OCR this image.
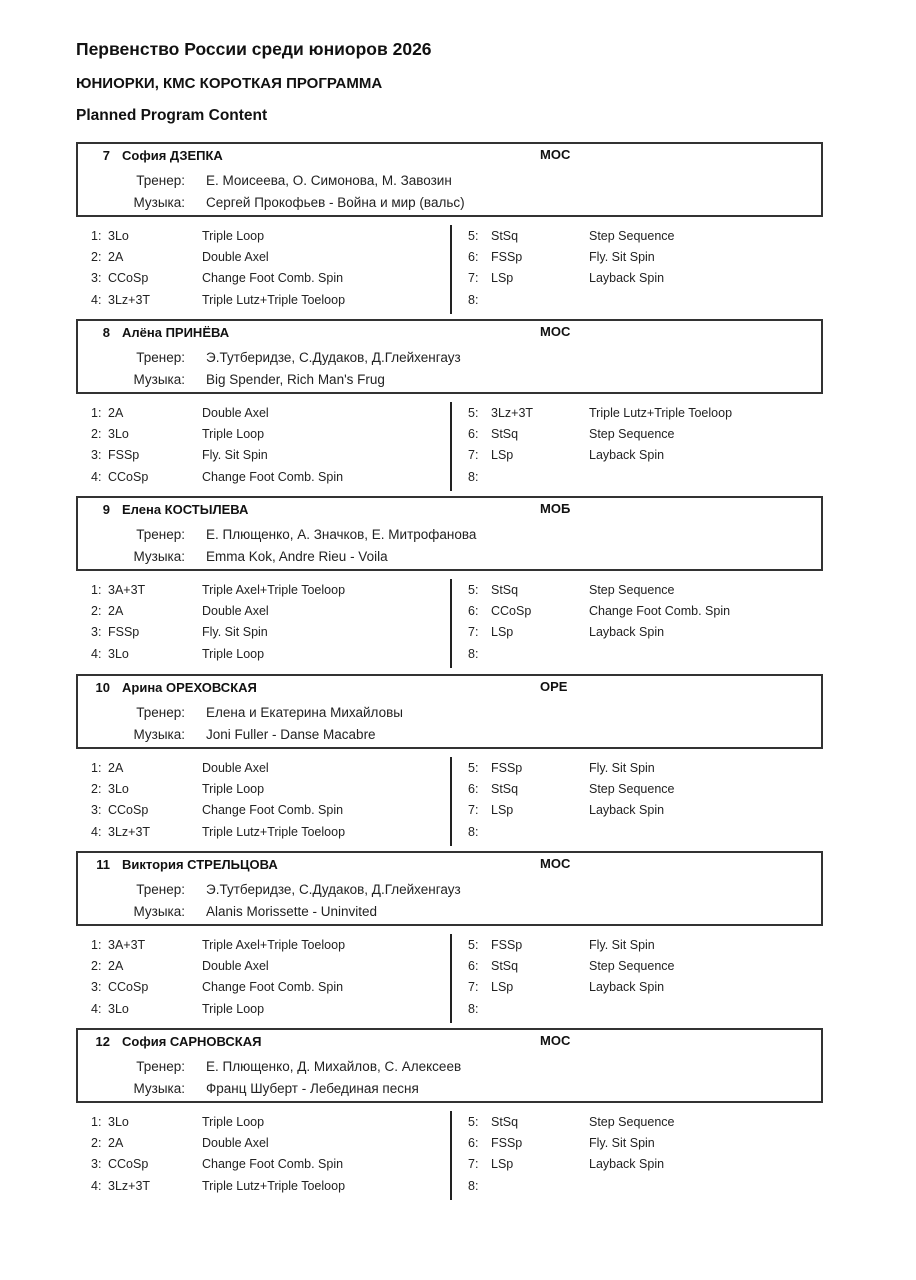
Первенство России среди юниоров 2026
ЮНИОРКИ, КМС КОРОТКАЯ ПРОГРАММА
Planned Program Content
7 София ДЗЕПКА	МОС
Тренер: Е. Моисеева, О. Симонова, М. Завозин
Музыка: Сергей Прокофьев - Война и мир (вальс)
1: 3Lo	Triple Loop
2: 2A	Double Axel
3: CCoSp	Change Foot Comb. Spin
4: 3Lz+3T	Triple Lutz+Triple Toeloop
5: StSq	Step Sequence
6: FSSp	Fly. Sit Spin
7: LSp	Layback Spin
8:
8 Алёна ПРИНЁВА	МОС
Тренер: Э.Тутберидзе, С.Дудаков, Д.Глейхенгауз
Музыка: Big Spender, Rich Man's Frug
1: 2A	Double Axel
2: 3Lo	Triple Loop
3: FSSp	Fly. Sit Spin
4: CCoSp	Change Foot Comb. Spin
5: 3Lz+3T	Triple Lutz+Triple Toeloop
6: StSq	Step Sequence
7: LSp	Layback Spin
8:
9 Елена КОСТЫЛЕВА	МОБ
Тренер: Е. Плющенко, А. Значков, Е. Митрофанова
Музыка: Emma Kok, Andre Rieu - Voila
1: 3A+3T	Triple Axel+Triple Toeloop
2: 2A	Double Axel
3: FSSp	Fly. Sit Spin
4: 3Lo	Triple Loop
5: StSq	Step Sequence
6: CCoSp	Change Foot Comb. Spin
7: LSp	Layback Spin
8:
10 Арина ОРЕХОВСКАЯ	ОРЕ
Тренер: Елена и Екатерина Михайловы
Музыка: Joni Fuller - Danse Macabre
1: 2A	Double Axel
2: 3Lo	Triple Loop
3: CCoSp	Change Foot Comb. Spin
4: 3Lz+3T	Triple Lutz+Triple Toeloop
5: FSSp	Fly. Sit Spin
6: StSq	Step Sequence
7: LSp	Layback Spin
8:
11 Виктория СТРЕЛЬЦОВА	МОС
Тренер: Э.Тутберидзе, С.Дудаков, Д.Глейхенгауз
Музыка: Alanis Morissette - Uninvited
1: 3A+3T	Triple Axel+Triple Toeloop
2: 2A	Double Axel
3: CCoSp	Change Foot Comb. Spin
4: 3Lo	Triple Loop
5: FSSp	Fly. Sit Spin
6: StSq	Step Sequence
7: LSp	Layback Spin
8:
12 София САРНОВСКАЯ	МОС
Тренер: Е. Плющенко, Д. Михайлов, С. Алексеев
Музыка: Франц Шуберт - Лебединая песня
1: 3Lo	Triple Loop
2: 2A	Double Axel
3: CCoSp	Change Foot Comb. Spin
4: 3Lz+3T	Triple Lutz+Triple Toeloop
5: StSq	Step Sequence
6: FSSp	Fly. Sit Spin
7: LSp	Layback Spin
8:
